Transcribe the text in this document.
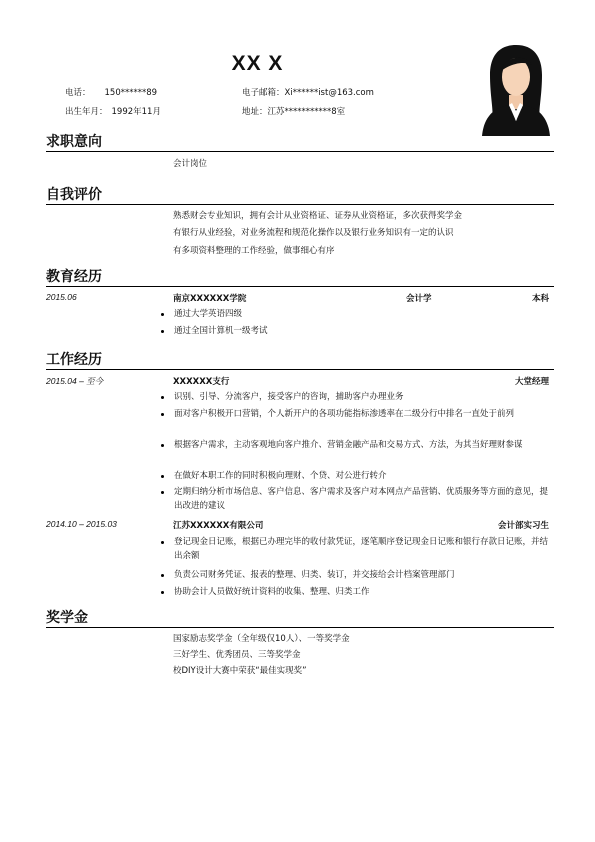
XX X
电话： 150******89	电子邮箱：Xi******ist@163.com
出生年月： 1992年11月	地址：江苏***********8室
求职意向
会计岗位
自我评价
熟悉财会专业知识，拥有会计从业资格证、证券从业资格证，多次获得奖学金
有银行从业经验，对业务流程和规范化操作以及银行业务知识有一定的认识
有多项资料整理的工作经验，做事细心有序
教育经历
2015.06	南京XXXXXX学院	会计学	本科
通过大学英语四级
通过全国计算机一级考试
工作经历
2015.04 – 至今	XXXXXX支行	大堂经理
识别、引导、分流客户，接受客户的咨询，捕助客户办理业务
面对客户积极开口营销，个人新开户的各项功能指标渗透率在二级分行中排名一直处于前列
根据客户需求，主动客观地向客户推介、营销金融产品和交易方式、方法，为其当好理财参谋
在做好本职工作的同时积极向理财、个贷、对公进行转介
定期归纳分析市场信息、客户信息、客户需求及客户对本网点产品营销、优质服务等方面的意见，提出改进的建议
2014.10 – 2015.03	江苏XXXXXX有限公司	会计部实习生
登记现金日记账，根据已办理完毕的收付款凭证，逐笔顺序登记现金日记账和银行存款日记账，并结出余额
负责公司财务凭证、报表的整理、归类、装订，并交接给会计档案管理部门
协助会计人员做好统计资料的收集、整理、归类工作
奖学金
国家励志奖学金（全年级仅10人）、一等奖学金
三好学生、优秀团员、三等奖学金
校DIY设计大赛中荣获“最佳实现奖”
